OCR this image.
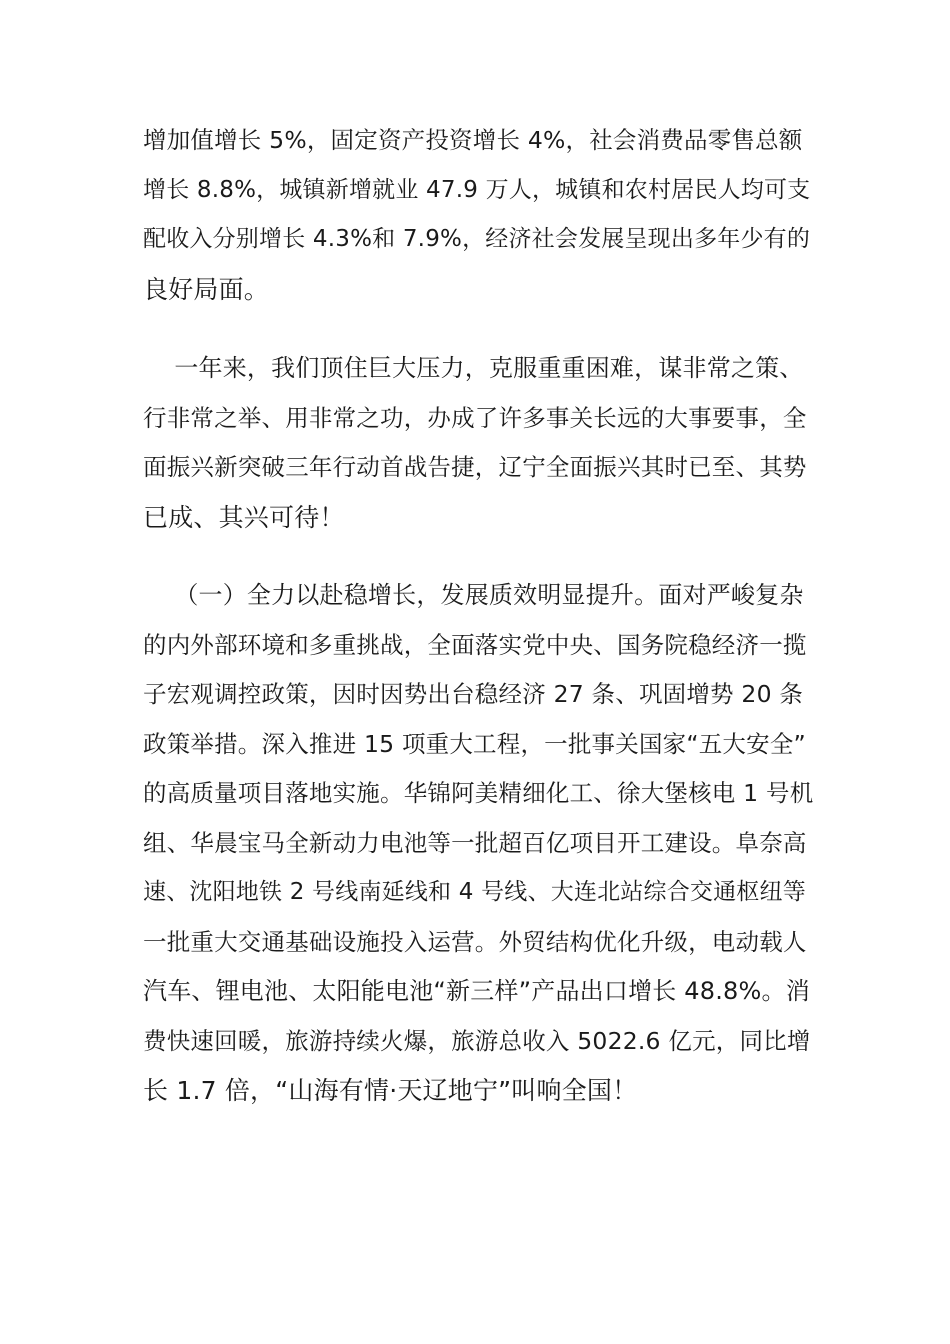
增加值增长 5%，固定资产投资增长 4%，社会消费品零售总额
增长 8.8%，城镇新增就业 47.9 万人，城镇和农村居民人均可支
配收入分别增长 4.3%和 7.9%，经济社会发展呈现出多年少有的
良好局面。
一年来，我们顶住巨大压力，克服重重困难，谋非常之策、
行非常之举、用非常之功，办成了许多事关长远的大事要事，全
面振兴新突破三年行动首战告捷，辽宁全面振兴其时已至、其势
已成、其兴可待！
（一）全力以赴稳增长，发展质效明显提升。面对严峻复杂
的内外部环境和多重挑战，全面落实党中央、国务院稳经济一揽
子宏观调控政策，因时因势出台稳经济 27 条、巩固增势 20 条
政策举措。深入推进 15 项重大工程，一批事关国家“五大安全”
的高质量项目落地实施。华锦阿美精细化工、徐大堡核电 1 号机
组、华晨宝马全新动力电池等一批超百亿项目开工建设。阜奈高
速、沈阳地铁 2 号线南延线和 4 号线、大连北站综合交通枢纽等
一批重大交通基础设施投入运营。外贸结构优化升级，电动载人
汽车、锂电池、太阳能电池“新三样”产品出口增长 48.8%。消
费快速回暖，旅游持续火爆，旅游总收入 5022.6 亿元，同比增
长 1.7 倍，“山海有情·天辽地宁”叫响全国！
